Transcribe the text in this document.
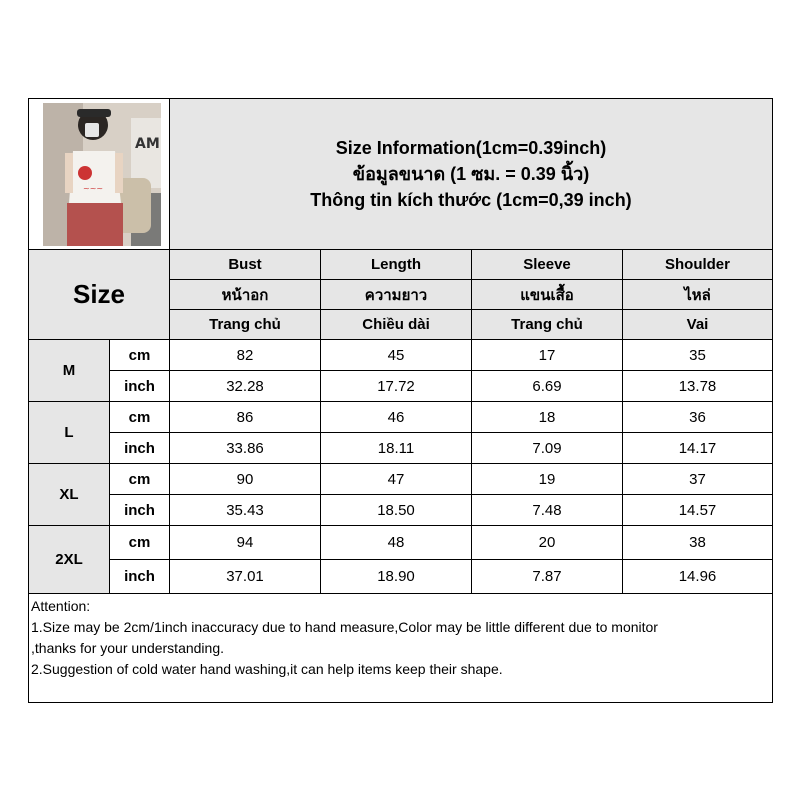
AM
~~~
Size Information(1cm=0.39inch)
ข้อมูลขนาด (1 ซม. = 0.39 นิ้ว)
Thông tin kích thước (1cm=0,39 inch)
Size
Bust	Length	Sleeve	Shoulder
หน้าอก	ความยาว	แขนเสื้อ	ไหล่
Trang chủ	Chiều dài	Trang chủ	Vai
M
cm	82	45	17	35
inch	32.28	17.72	6.69	13.78
L
cm	86	46	18	36
inch	33.86	18.11	7.09	14.17
XL
cm	90	47	19	37
inch	35.43	18.50	7.48	14.57
2XL
cm	94	48	20	38
inch	37.01	18.90	7.87	14.96
Attention:
1.Size may be 2cm/1inch inaccuracy due to hand measure,Color may be little different due to monitor
,thanks for your understanding.
2.Suggestion of cold water hand washing,it can help items keep their shape.
